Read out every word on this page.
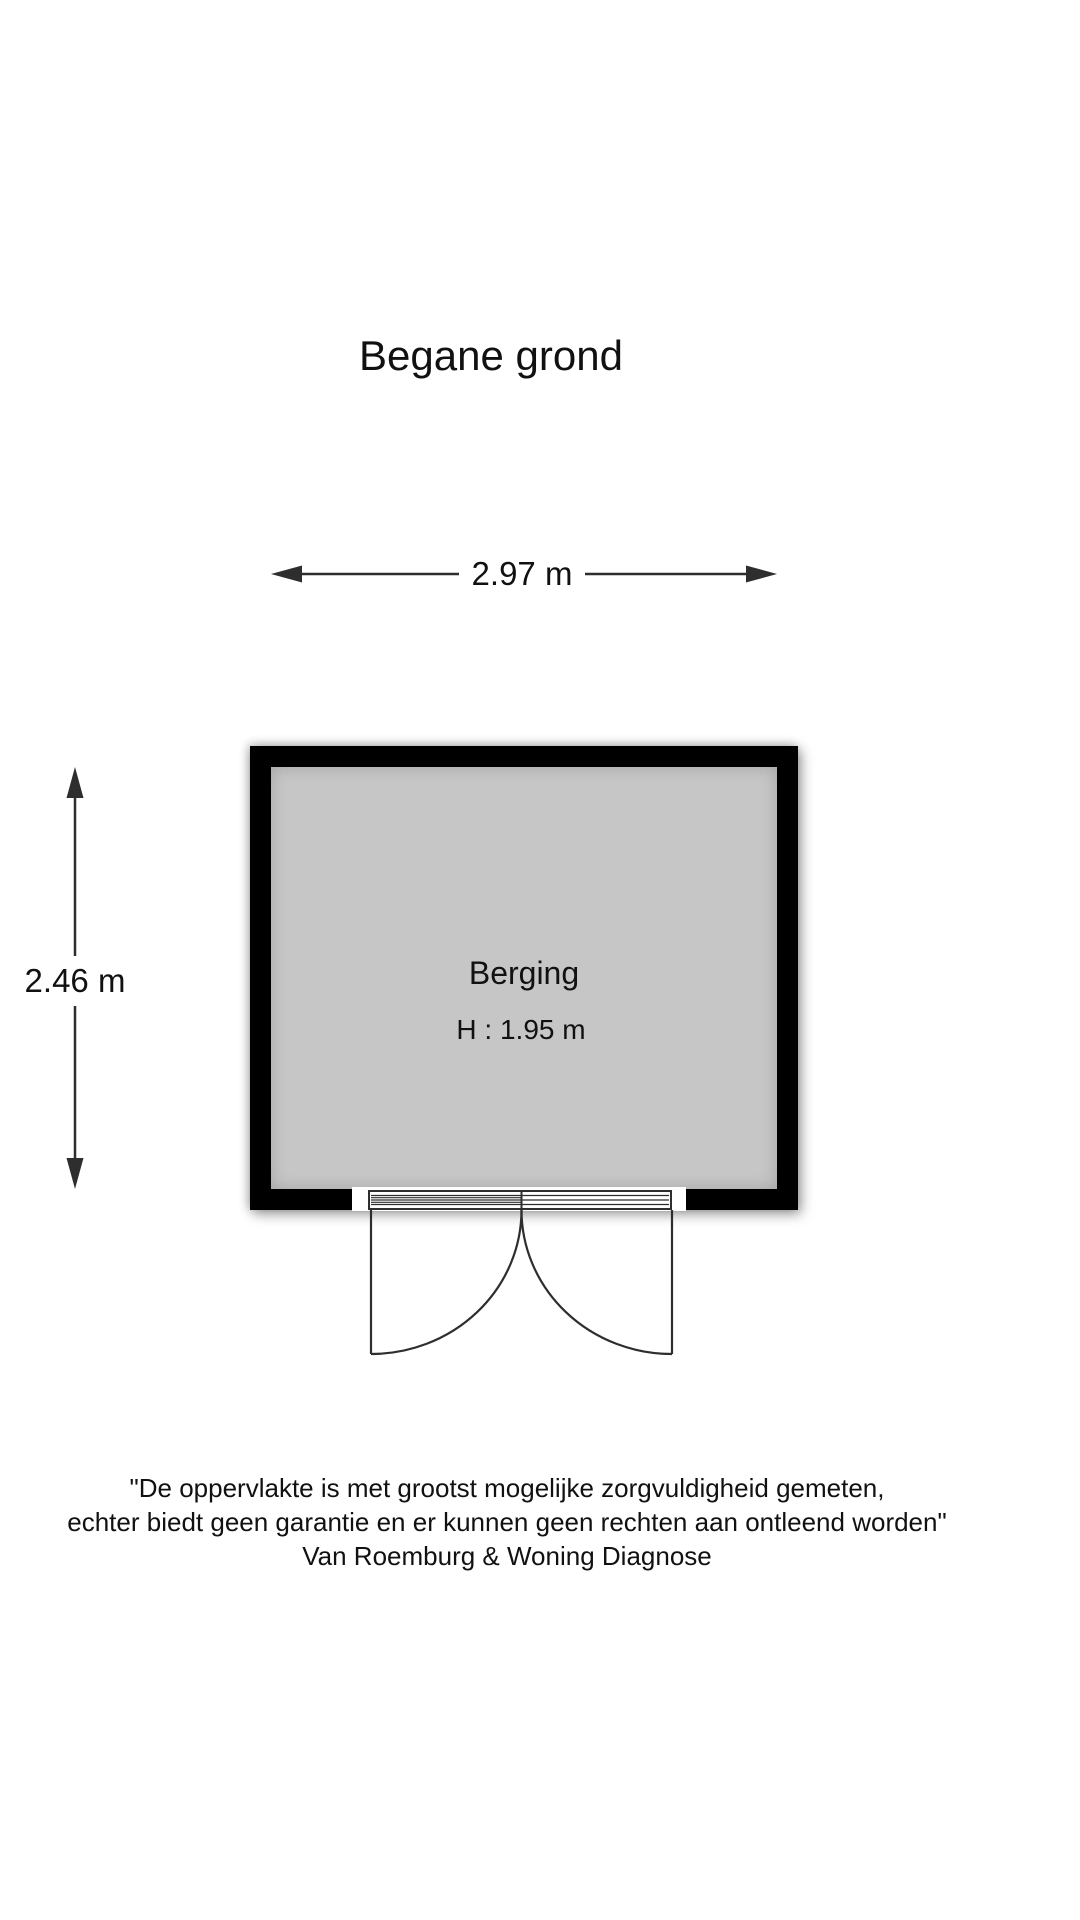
Begane grond
2.97 m
2.46 m	Berging
H : 1.95 m
"De oppervlakte is met grootst mogelijke zorgvuldigheid gemeten,
echter biedt geen garantie en er kunnen geen rechten aan ontleend worden"
Van Roemburg & Woning Diagnose
